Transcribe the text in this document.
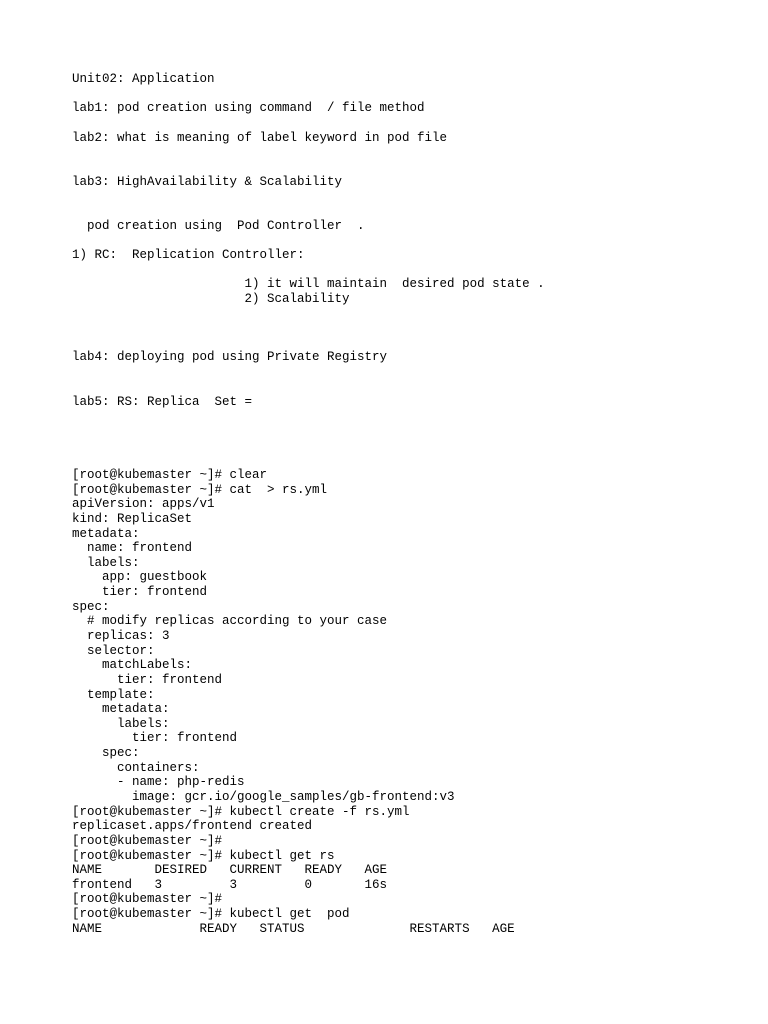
Unit02: Application
lab1: pod creation using command  / file method
lab2: what is meaning of label keyword in pod file
lab3: HighAvailability & Scalability
pod creation using  Pod Controller  .
1) RC:  Replication Controller:
1) it will maintain  desired pod state .
2) Scalability
lab4: deploying pod using Private Registry
lab5: RS: Replica  Set =
[root@kubemaster ~]# clear
[root@kubemaster ~]# cat  > rs.yml
apiVersion: apps/v1
kind: ReplicaSet
metadata:
name: frontend
labels:
app: guestbook
tier: frontend
spec:
# modify replicas according to your case
replicas: 3
selector:
matchLabels:
tier: frontend
template:
metadata:
labels:
tier: frontend
spec:
containers:
- name: php-redis
image: gcr.io/google_samples/gb-frontend:v3
[root@kubemaster ~]# kubectl create -f rs.yml
replicaset.apps/frontend created
[root@kubemaster ~]#
[root@kubemaster ~]# kubectl get rs
NAME       DESIRED   CURRENT   READY   AGE
frontend   3         3         0       16s
[root@kubemaster ~]#
[root@kubemaster ~]# kubectl get  pod
NAME             READY   STATUS              RESTARTS   AGE
